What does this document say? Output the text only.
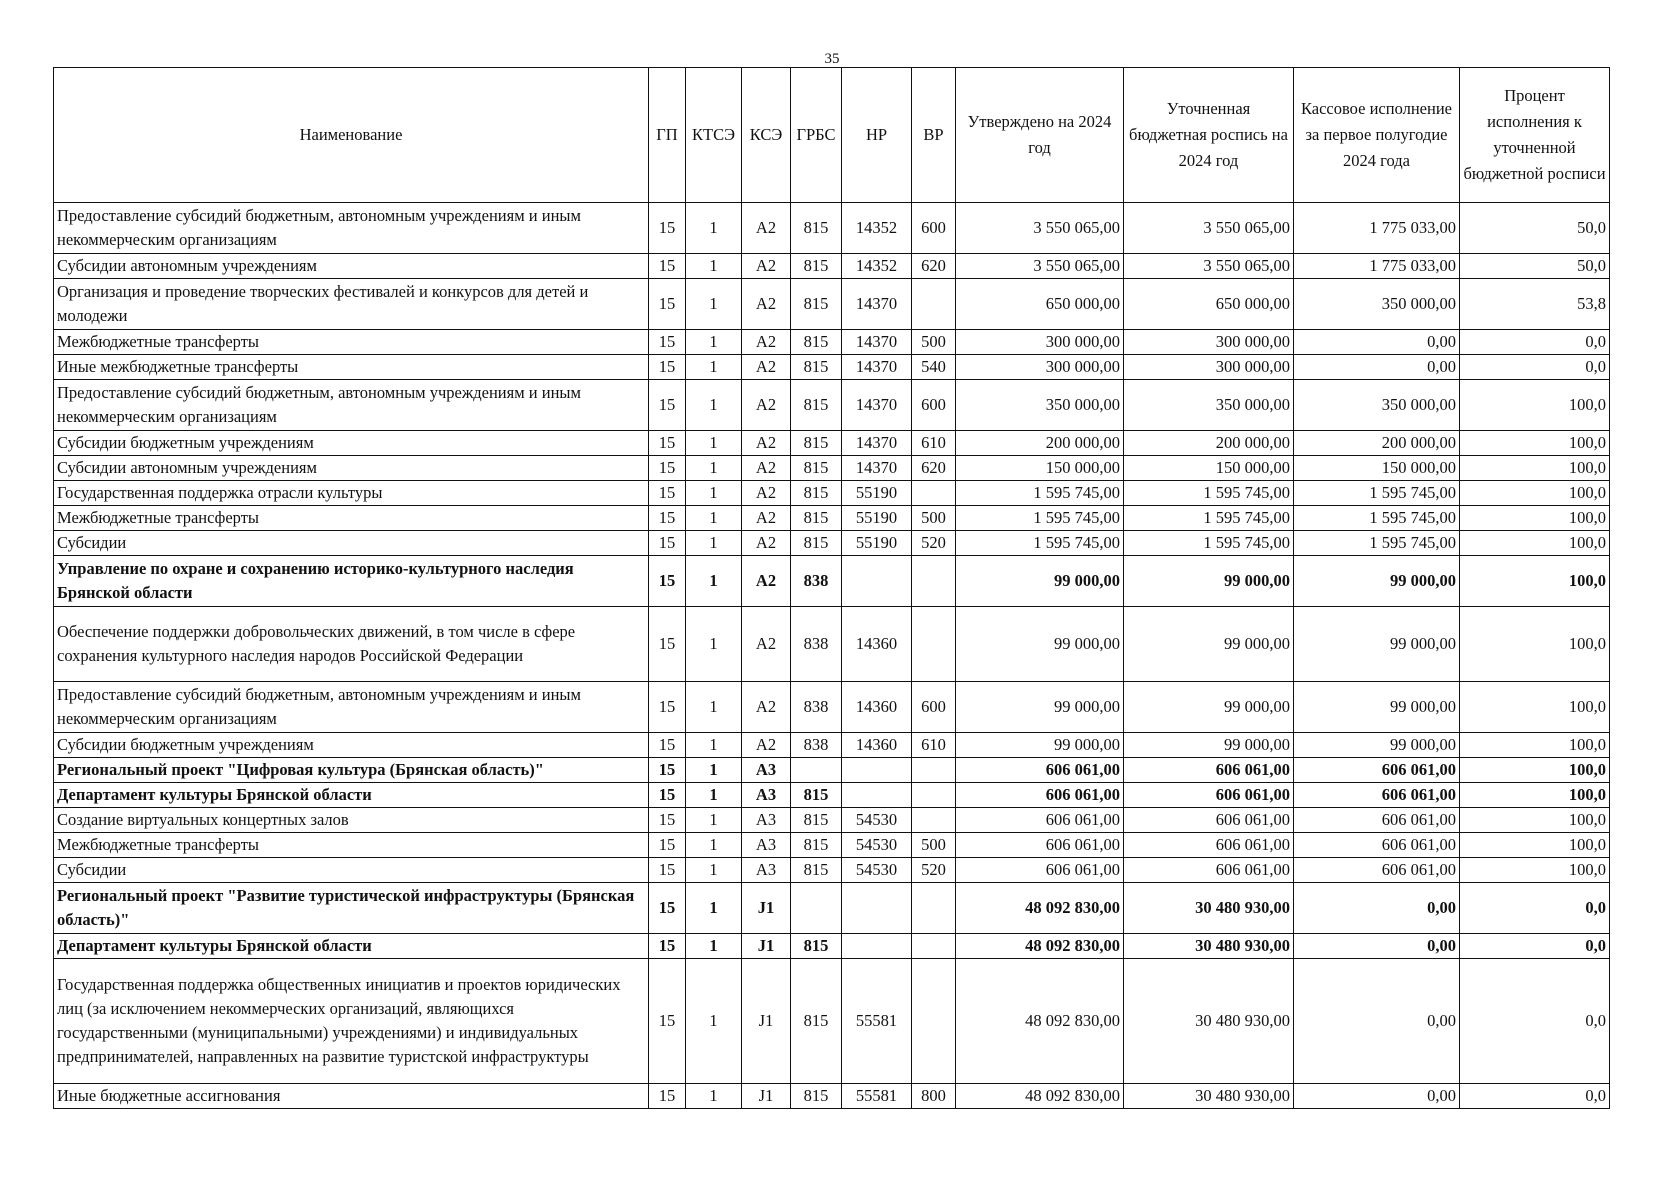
35
Наименование	ГП	КТСЭ	КСЭ	ГРБС	НР	ВР	Утверждено на 2024 год	Уточненная бюджетная роспись на 2024 год	Кассовое исполнение за первое полугодие 2024 года	Процент исполнения к уточненной бюджетной росписи
Предоставление субсидий бюджетным, автономным учреждениям и иным некоммерческим организациям	15	1	А2	815	14352	600	3 550 065,00	3 550 065,00	1 775 033,00	50,0
Субсидии автономным учреждениям	15	1	А2	815	14352	620	3 550 065,00	3 550 065,00	1 775 033,00	50,0
Организация и проведение творческих фестивалей и конкурсов для детей и молодежи	15	1	А2	815	14370		650 000,00	650 000,00	350 000,00	53,8
Межбюджетные трансферты	15	1	А2	815	14370	500	300 000,00	300 000,00	0,00	0,0
Иные межбюджетные трансферты	15	1	А2	815	14370	540	300 000,00	300 000,00	0,00	0,0
Предоставление субсидий бюджетным, автономным учреждениям и иным некоммерческим организациям	15	1	А2	815	14370	600	350 000,00	350 000,00	350 000,00	100,0
Субсидии бюджетным учреждениям	15	1	А2	815	14370	610	200 000,00	200 000,00	200 000,00	100,0
Субсидии автономным учреждениям	15	1	А2	815	14370	620	150 000,00	150 000,00	150 000,00	100,0
Государственная поддержка отрасли культуры	15	1	А2	815	55190		1 595 745,00	1 595 745,00	1 595 745,00	100,0
Межбюджетные трансферты	15	1	А2	815	55190	500	1 595 745,00	1 595 745,00	1 595 745,00	100,0
Субсидии	15	1	А2	815	55190	520	1 595 745,00	1 595 745,00	1 595 745,00	100,0
Управление по охране и сохранению историко-культурного наследия Брянской области	15	1	А2	838			99 000,00	99 000,00	99 000,00	100,0
Обеспечение поддержки добровольческих движений, в том числе в сфере сохранения культурного наследия народов Российской Федерации	15	1	А2	838	14360		99 000,00	99 000,00	99 000,00	100,0
Предоставление субсидий бюджетным, автономным учреждениям и иным некоммерческим организациям	15	1	А2	838	14360	600	99 000,00	99 000,00	99 000,00	100,0
Субсидии бюджетным учреждениям	15	1	А2	838	14360	610	99 000,00	99 000,00	99 000,00	100,0
Региональный проект "Цифровая культура (Брянская область)"	15	1	А3				606 061,00	606 061,00	606 061,00	100,0
Департамент культуры Брянской области	15	1	А3	815			606 061,00	606 061,00	606 061,00	100,0
Создание виртуальных концертных залов	15	1	А3	815	54530		606 061,00	606 061,00	606 061,00	100,0
Межбюджетные трансферты	15	1	А3	815	54530	500	606 061,00	606 061,00	606 061,00	100,0
Субсидии	15	1	А3	815	54530	520	606 061,00	606 061,00	606 061,00	100,0
Региональный проект "Развитие туристической инфраструктуры (Брянская область)"	15	1	J1				48 092 830,00	30 480 930,00	0,00	0,0
Департамент культуры Брянской области	15	1	J1	815			48 092 830,00	30 480 930,00	0,00	0,0
Государственная поддержка общественных инициатив и проектов юридических лиц (за исключением некоммерческих организаций, являющихся государственными (муниципальными) учреждениями) и индивидуальных предпринимателей, направленных на развитие туристской инфраструктуры	15	1	J1	815	55581		48 092 830,00	30 480 930,00	0,00	0,0
Иные бюджетные ассигнования	15	1	J1	815	55581	800	48 092 830,00	30 480 930,00	0,00	0,0
